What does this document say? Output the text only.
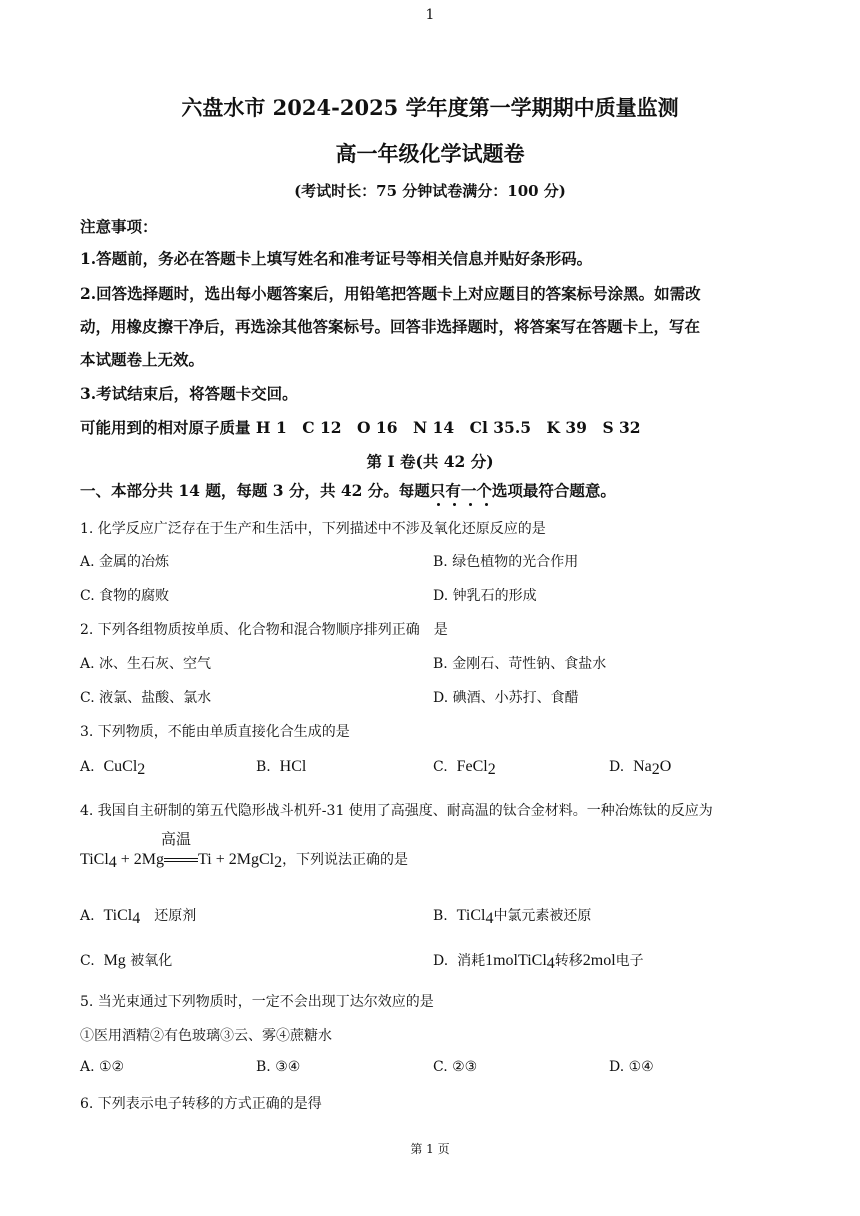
1
六盘水市 2024-2025 学年度第一学期期中质量监测
高一年级化学试题卷
(考试时长：75 分钟试卷满分：100 分)
注意事项：
1.答题前，务必在答题卡上填写姓名和准考证号等相关信息并贴好条形码。
2.回答选择题时，选出每小题答案后，用铅笔把答题卡上对应题目的答案标号涂黑。如需改
动，用橡皮擦干净后，再选涂其他答案标号。回答非选择题时，将答案写在答题卡上，写在
本试题卷上无效。
3.考试结束后，将答题卡交回。
可能用到的相对原子质量 H 1　C 12　O 16　N 14　Cl 35.5　K 39　S 32
第 I 卷(共 42 分)
一、本部分共 14 题，每题 3 分，共 42 分。每题只有一个
选项最符合题意。
1. 化学反应广泛存在于生产和生活中，下列描述中不涉及氧化还原反应的是
A. 金属的冶炼	B. 绿色植物的光合作用
C. 食物的腐败	D. 钟乳石的形成
2. 下列各组物质按单质、化合物和混合物顺序排列正确　是
A. 冰、生石灰、空气	B. 金刚石、苛性钠、食盐水
C. 液氯、盐酸、氯水	D. 碘酒、小苏打、食醋
3. 下列物质，不能由单质直接化合生成的是
A. CuCl$_2$	B. HCl	C. FeCl$_2$	D. $Na_2O$
4. 我国自主研制的第五代隐形战斗机歼-31 使用了高强度、耐高温的钛合金材料。一种冶炼钛的反应为
TiCl$_4$ + 2Mg
高温
Ti + 2MgCl$_2$，下列说法正确的是
A. TiCl$_4$　还原剂	B. TiCl$_4$中氯元素被还原
C. Mg 被氧化	D. 消耗1molTiCl$_4$转移2mol电子
5. 当光束通过下列物质时，一定不会出现丁达尔效应的是
①医用酒精②有色玻璃③云、雾④蔗糖水
A. ①②	B. ③④	C. ②③	D. ①④
6. 下列表示电子转移的方式正确的是得
第 1 页
